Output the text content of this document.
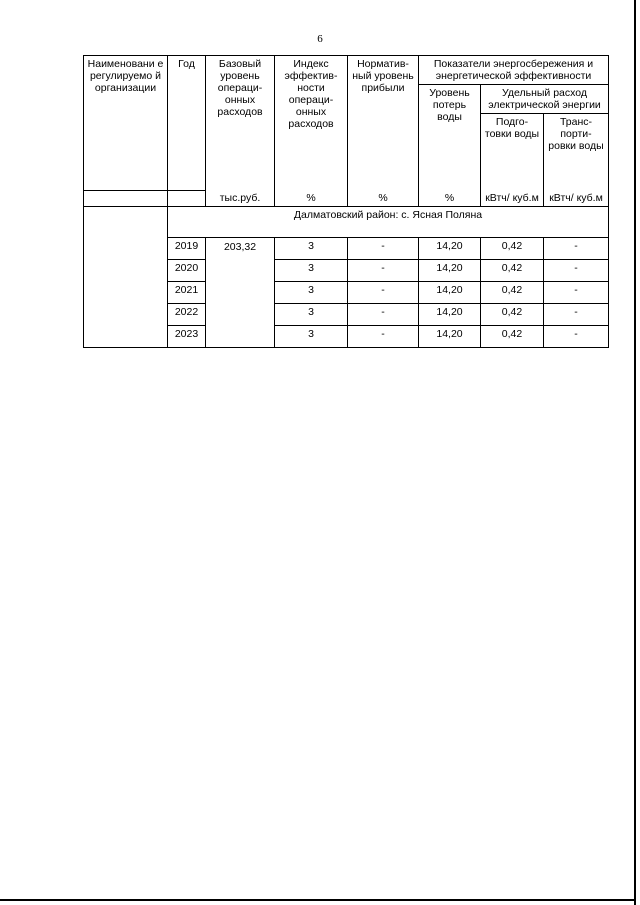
6
Наименовани е регулируемо й организации	Год	Базовый уровень операци- онных расходов	Индекс эффектив- ности операци- онных расходов	Норматив- ный уровень прибыли	Показатели энергосбережения и энергетической эффективности		
					Уровень потерь воды	Удельный расход электрической энергии	
						Подго- товки воды	Транс- порти- ровки воды
		тыс.руб.	%	%	%	кВтч/ куб.м	кВтч/ куб.м
	Далматовский район: с. Ясная Поляна						
	2019	203,32	3	-	14,20	0,42	-
	2020		3	-	14,20	0,42	-
	2021		3	-	14,20	0,42	-
	2022		3	-	14,20	0,42	-
	2023		3	-	14,20	0,42	-
